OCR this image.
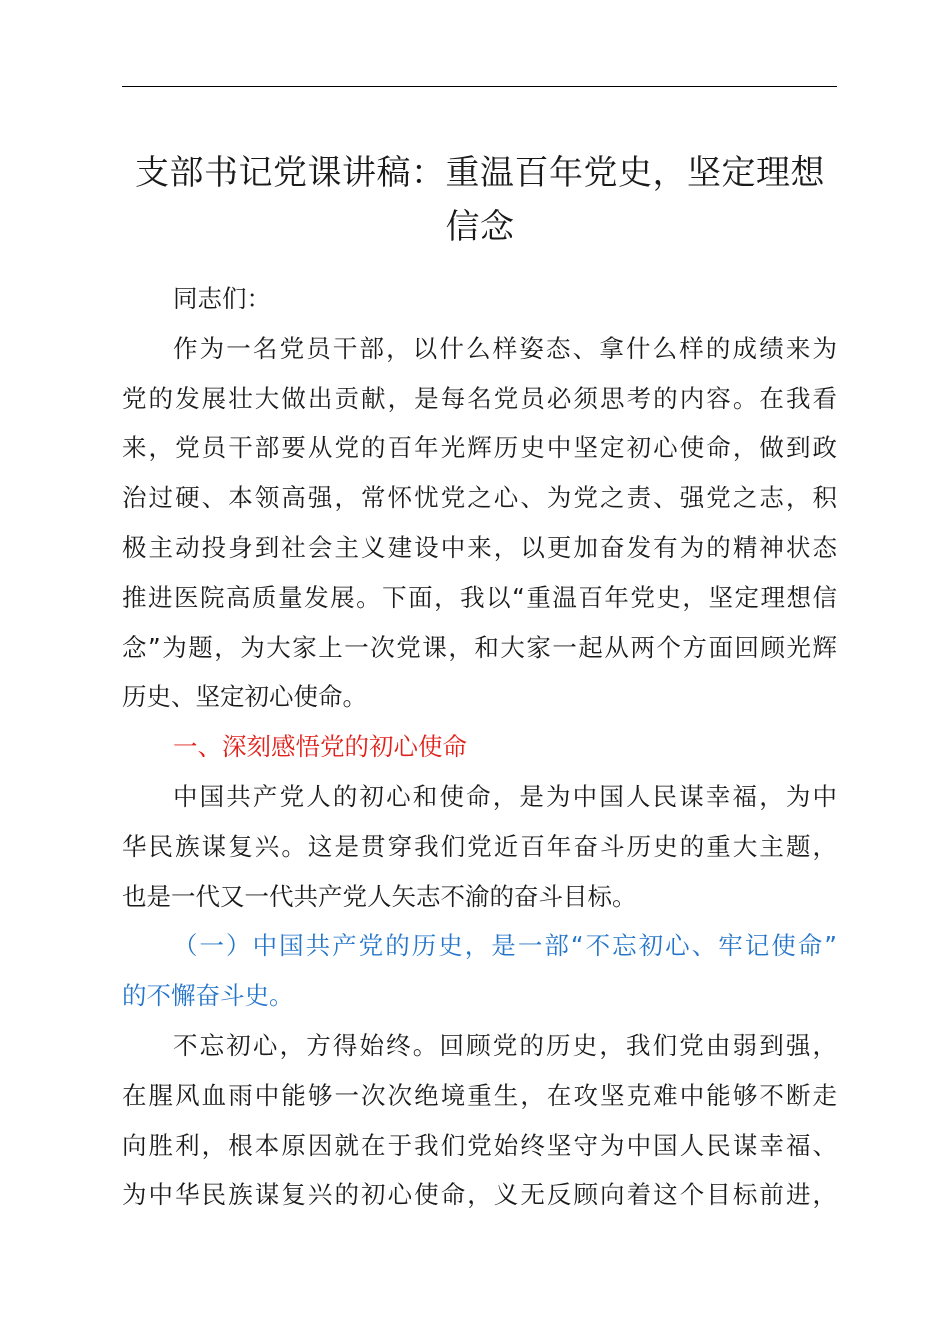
支部书记党课讲稿：重温百年党史，坚定理想
信念
同志们：
作为一名党员干部，以什么样姿态、拿什么样的成绩来为
党的发展壮大做出贡献，是每名党员必须思考的内容。在我看
来，党员干部要从党的百年光辉历史中坚定初心使命，做到政
治过硬、本领高强，常怀忧党之心、为党之责、强党之志，积
极主动投身到社会主义建设中来，以更加奋发有为的精神状态
推进医院高质量发展。下面，我以“重温百年党史，坚定理想信
念”为题，为大家上一次党课，和大家一起从两个方面回顾光辉
历史、坚定初心使命。
一、深刻感悟党的初心使命
中国共产党人的初心和使命，是为中国人民谋幸福，为中
华民族谋复兴。这是贯穿我们党近百年奋斗历史的重大主题，
也是一代又一代共产党人矢志不渝的奋斗目标。
（一）中国共产党的历史，是一部“不忘初心、牢记使命”
的不懈奋斗史。
不忘初心，方得始终。回顾党的历史，我们党由弱到强，
在腥风血雨中能够一次次绝境重生，在攻坚克难中能够不断走
向胜利，根本原因就在于我们党始终坚守为中国人民谋幸福、
为中华民族谋复兴的初心使命，义无反顾向着这个目标前进，
